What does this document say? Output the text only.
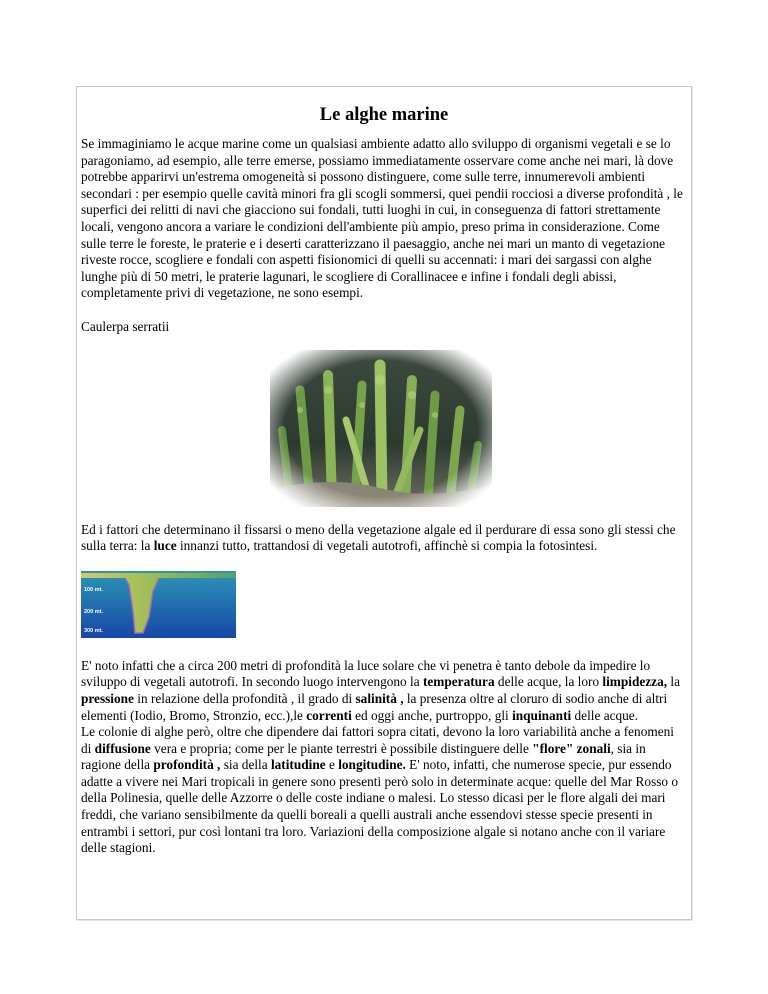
Le alghe marine

Se immaginiamo le acque marine come un qualsiasi ambiente adatto allo sviluppo di organismi vegetali e se lo paragoniamo, ad esempio, alle terre emerse, possiamo immediatamente osservare come anche nei mari, là dove potrebbe apparirvi un'estrema omogeneità si possono distinguere, come sulle terre, innumerevoli ambienti secondari : per esempio quelle cavità minori fra gli scogli sommersi, quei pendii rocciosi a diverse profondità , le superfici dei relitti di navi che giacciono sui fondali, tutti luoghi in cui, in conseguenza di fattori strettamente locali, vengono ancora a variare le condizioni dell'ambiente più ampio, preso prima in considerazione. Come sulle terre le foreste, le praterie e i deserti caratterizzano il paesaggio, anche nei mari un manto di vegetazione riveste rocce, scogliere e fondali con aspetti fisionomici di quelli su accennati: i mari dei sargassi con alghe lunghe più di 50 metri, le praterie lagunari, le scogliere di Corallinacee e infine i fondali degli abissi, completamente privi di vegetazione, ne sono esempi.

Caulerpa serratii

Ed i fattori che determinano il fissarsi o meno della vegetazione algale ed il perdurare di essa sono gli stessi che sulla terra: la luce innanzi tutto, trattandosi di vegetali autotrofi, affinchè si compia la fotosintesi.

100 mt.
200 mt.
300 mt.

E' noto infatti che a circa 200 metri di profondità la luce solare che vi penetra è tanto debole da impedire lo sviluppo di vegetali autotrofi. In secondo luogo intervengono la temperatura delle acque, la loro limpidezza, la pressione in relazione della profondità , il grado di salinità , la presenza oltre al cloruro di sodio anche di altri elementi (Iodio, Bromo, Stronzio, ecc.),le correnti ed oggi anche, purtroppo, gli inquinanti delle acque.

Le colonie di alghe però, oltre che dipendere dai fattori sopra citati, devono la loro variabilità anche a fenomeni di diffusione vera e propria; come per le piante terrestri è possibile distinguere delle "flore" zonali, sia in ragione della profondità , sia della latitudine e longitudine. E' noto, infatti, che numerose specie, pur essendo adatte a vivere nei Mari tropicali in genere sono presenti però solo in determinate acque: quelle del Mar Rosso o della Polinesia, quelle delle Azzorre o delle coste indiane o malesi. Lo stesso dicasi per le flore algali dei mari freddi, che variano sensibilmente da quelli boreali a quelli australi anche essendovi stesse specie presenti in entrambi i settori, pur così lontani tra loro. Variazioni della composizione algale si notano anche con il variare delle stagioni.
